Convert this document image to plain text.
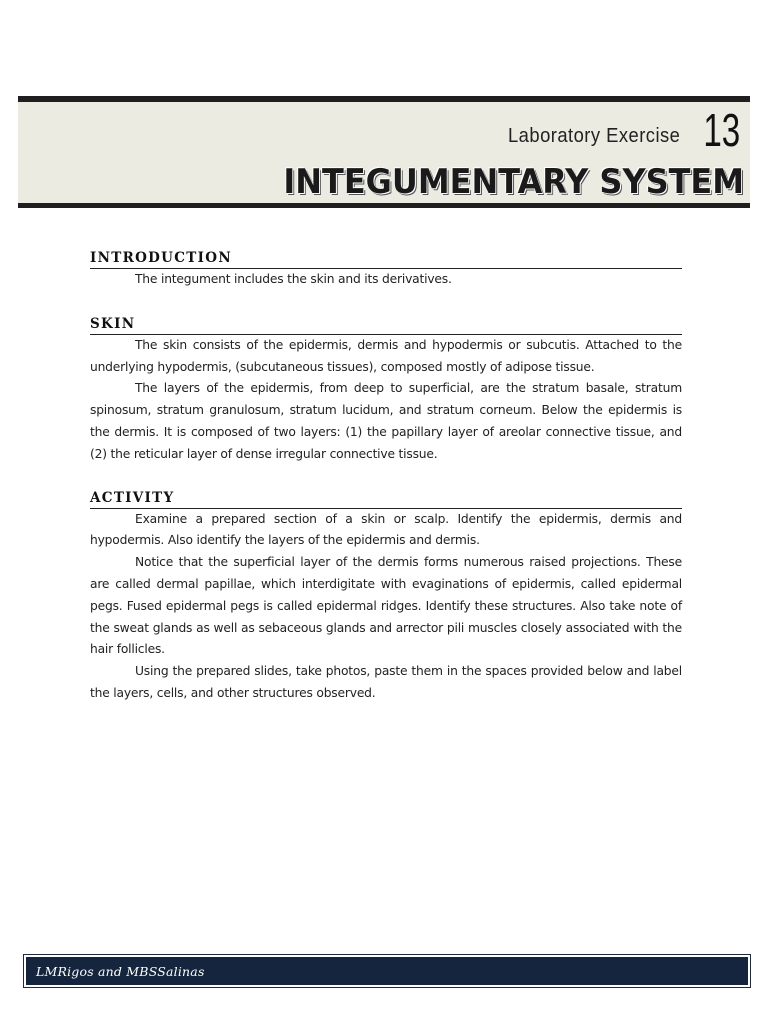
Laboratory Exercise 13
INTEGUMENTARY SYSTEM
INTRODUCTION

The integument includes the skin and its derivatives.

SKIN

The skin consists of the epidermis, dermis and hypodermis or subcutis. Attached to the underlying hypodermis, (subcutaneous tissues), composed mostly of adipose tissue.

The layers of the epidermis, from deep to superficial, are the stratum basale, stratum spinosum, stratum granulosum, stratum lucidum, and stratum corneum. Below the epidermis is the dermis. It is composed of two layers: (1) the papillary layer of areolar connective tissue, and (2) the reticular layer of dense irregular connective tissue.

ACTIVITY

Examine a prepared section of a skin or scalp. Identify the epidermis, dermis and hypodermis. Also identify the layers of the epidermis and dermis.

Notice that the superficial layer of the dermis forms numerous raised projections. These are called dermal papillae, which interdigitate with evaginations of epidermis, called epidermal pegs. Fused epidermal pegs is called epidermal ridges. Identify these structures. Also take note of the sweat glands as well as sebaceous glands and arrector pili muscles closely associated with the hair follicles.

Using the prepared slides, take photos, paste them in the spaces provided below and label the layers, cells, and other structures observed.

LMRigos and MBSSalinas
